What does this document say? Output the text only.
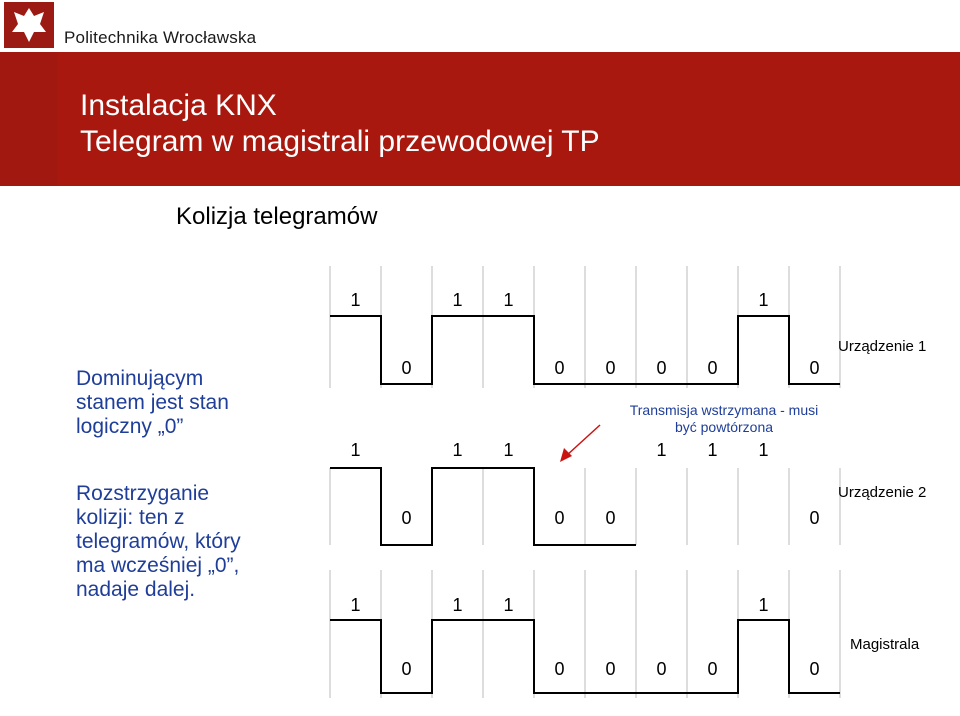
Politechnika Wrocławska
Instalacja KNX
Telegram w magistrali przewodowej TP
Kolizja telegramów
Dominującym
stanem jest stan
logiczny „0”
Rozstrzyganie
kolizji: ten z
telegramów, który
ma wcześniej „0”,
nadaje dalej.
1
0
1 1
0 0 0 0
1
0
1
0
1 1
0 0
1 1 1
0
1
0
1 1
0 0 0 0
1
0
Urządzenie 1
Urządzenie 2
Magistrala
Transmisja wstrzymana - musi
być powtórzona
